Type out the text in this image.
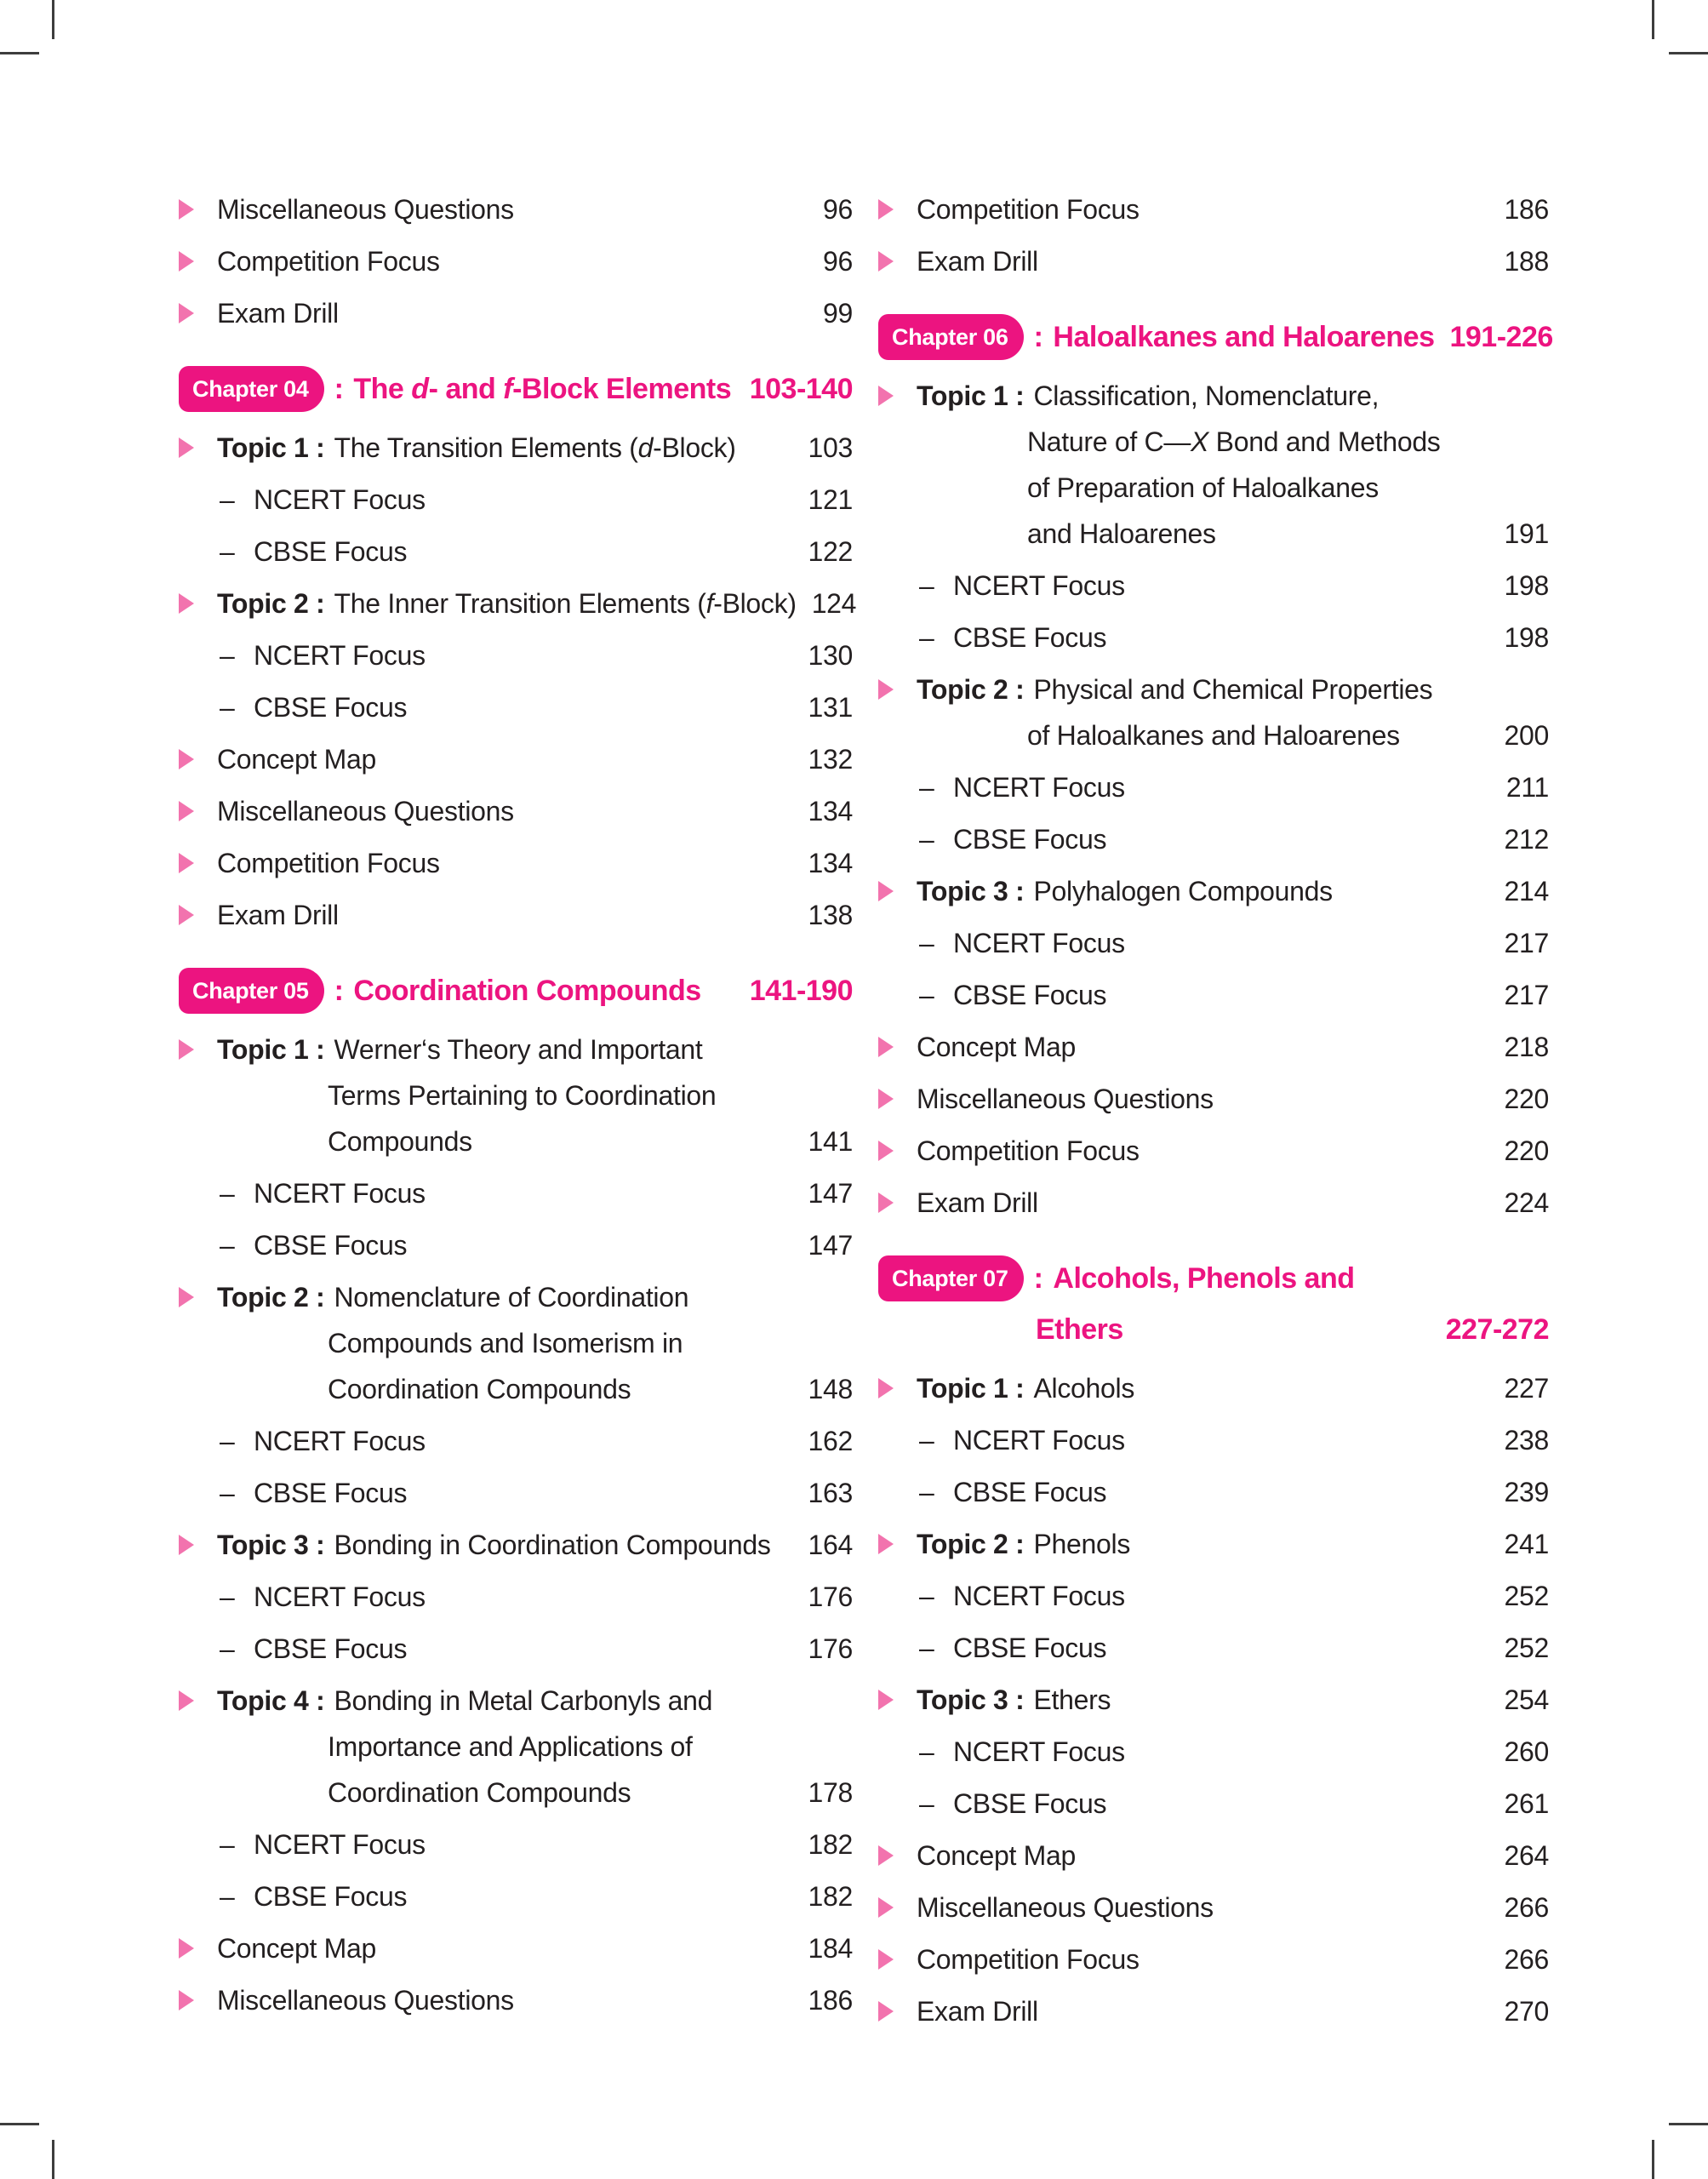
Miscellaneous Questions	96
Competition Focus	96
Exam Drill	99
Chapter 04 : The d- and f-Block Elements 103-140
Topic 1 : The Transition Elements (d-Block)	103
– NCERT Focus	121
– CBSE Focus	122
Topic 2 : The Inner Transition Elements (f-Block) 124
– NCERT Focus	130
– CBSE Focus	131
Concept Map	132
Miscellaneous Questions	134
Competition Focus	134
Exam Drill	138
Chapter 05 : Coordination Compounds	141-190
Topic 1 : Werner‘s Theory and Important
Terms Pertaining to Coordination
Compounds	141
– NCERT Focus	147
– CBSE Focus	147
Topic 2 : Nomenclature of Coordination
Compounds and Isomerism in
Coordination Compounds	148
– NCERT Focus	162
– CBSE Focus	163
Topic 3 : Bonding in Coordination Compounds	164
– NCERT Focus	176
– CBSE Focus	176
Topic 4 : Bonding in Metal Carbonyls and
Importance and Applications of
Coordination Compounds	178
– NCERT Focus	182
– CBSE Focus	182
Concept Map	184
Miscellaneous Questions	186
Competition Focus	186
Exam Drill	188
Chapter 06 : Haloalkanes and Haloarenes 191-226
Topic 1 : Classification, Nomenclature,
Nature of C—X Bond and Methods
of Preparation of Haloalkanes
and Haloarenes	191
– NCERT Focus	198
– CBSE Focus	198
Topic 2 : Physical and Chemical Properties
of Haloalkanes and Haloarenes	200
– NCERT Focus	211
– CBSE Focus	212
Topic 3 : Polyhalogen Compounds	214
– NCERT Focus	217
– CBSE Focus	217
Concept Map	218
Miscellaneous Questions	220
Competition Focus	220
Exam Drill	224
Chapter 07 : Alcohols, Phenols and
Ethers	227-272
Topic 1 : Alcohols	227
– NCERT Focus	238
– CBSE Focus	239
Topic 2 : Phenols	241
– NCERT Focus	252
– CBSE Focus	252
Topic 3 : Ethers	254
– NCERT Focus	260
– CBSE Focus	261
Concept Map	264
Miscellaneous Questions	266
Competition Focus	266
Exam Drill	270
